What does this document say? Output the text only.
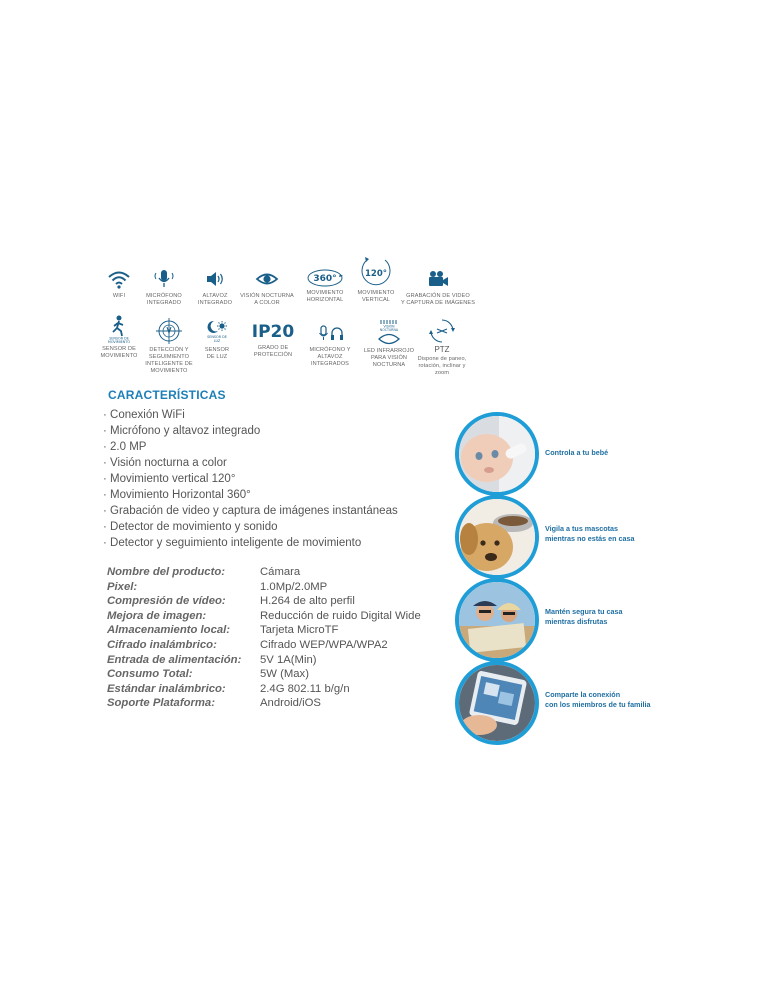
WIFI	MICRÓFONO
INTEGRADO
ALTAVOZ
INTEGRADO
VISIÓN NOCTURNA
A COLOR
360°
MOVIMIENTO
HORIZONTAL
120°
MOVIMIENTO
VERTICAL
GRABACIÓN DE VIDEO
Y CAPTURA DE IMÁGENES
SENSOR DE
MOVIMIENTO
SENSOR DE
MOVIMIENTO
DETECCIÓN Y
SEGUIMIENTO
INTELIGENTE DE
MOVIMIENTO
SENSOR DE
LUZ
SENSOR
DE LUZ
IP20
GRADO DE
PROTECCIÓN
MICRÓFONO Y
ALTAVOZ
INTEGRADOS
VISIÓN
NOCTURNA
LED INFRARROJO
PARA VISIÓN
NOCTURNA
PTZ
Dispone de paneo,
rotación, inclinar y
zoom
CARACTERÍSTICAS
· Conexión WiFi
· Micrófono y altavoz integrado
· 2.0 MP
· Visión nocturna a color
· Movimiento vertical 120°
· Movimiento Horizontal 360°
· Grabación de video y captura de imágenes instantáneas
· Detector de movimiento y sonido
· Detector y seguimiento inteligente de movimiento
Nombre del producto:	Cámara
Pixel:	1.0Mp/2.0MP
Compresión de vídeo:	H.264 de alto perfil
Mejora de imagen:	Reducción de ruido Digital Wide
Almacenamiento local:	Tarjeta MicroTF
Cifrado inalámbrico:	Cifrado WEP/WPA/WPA2
Entrada de alimentación: 5V 1A(Min)
Consumo Total:	5W (Max)
Estándar inalámbrico:	2.4G 802.11 b/g/n
Soporte Plataforma:	Android/iOS
Controla a tu bebé
Vigila a tus mascotas
mientras no estás en casa
Mantén segura tu casa
mientras disfrutas
Comparte la conexión
con los miembros de tu familia
